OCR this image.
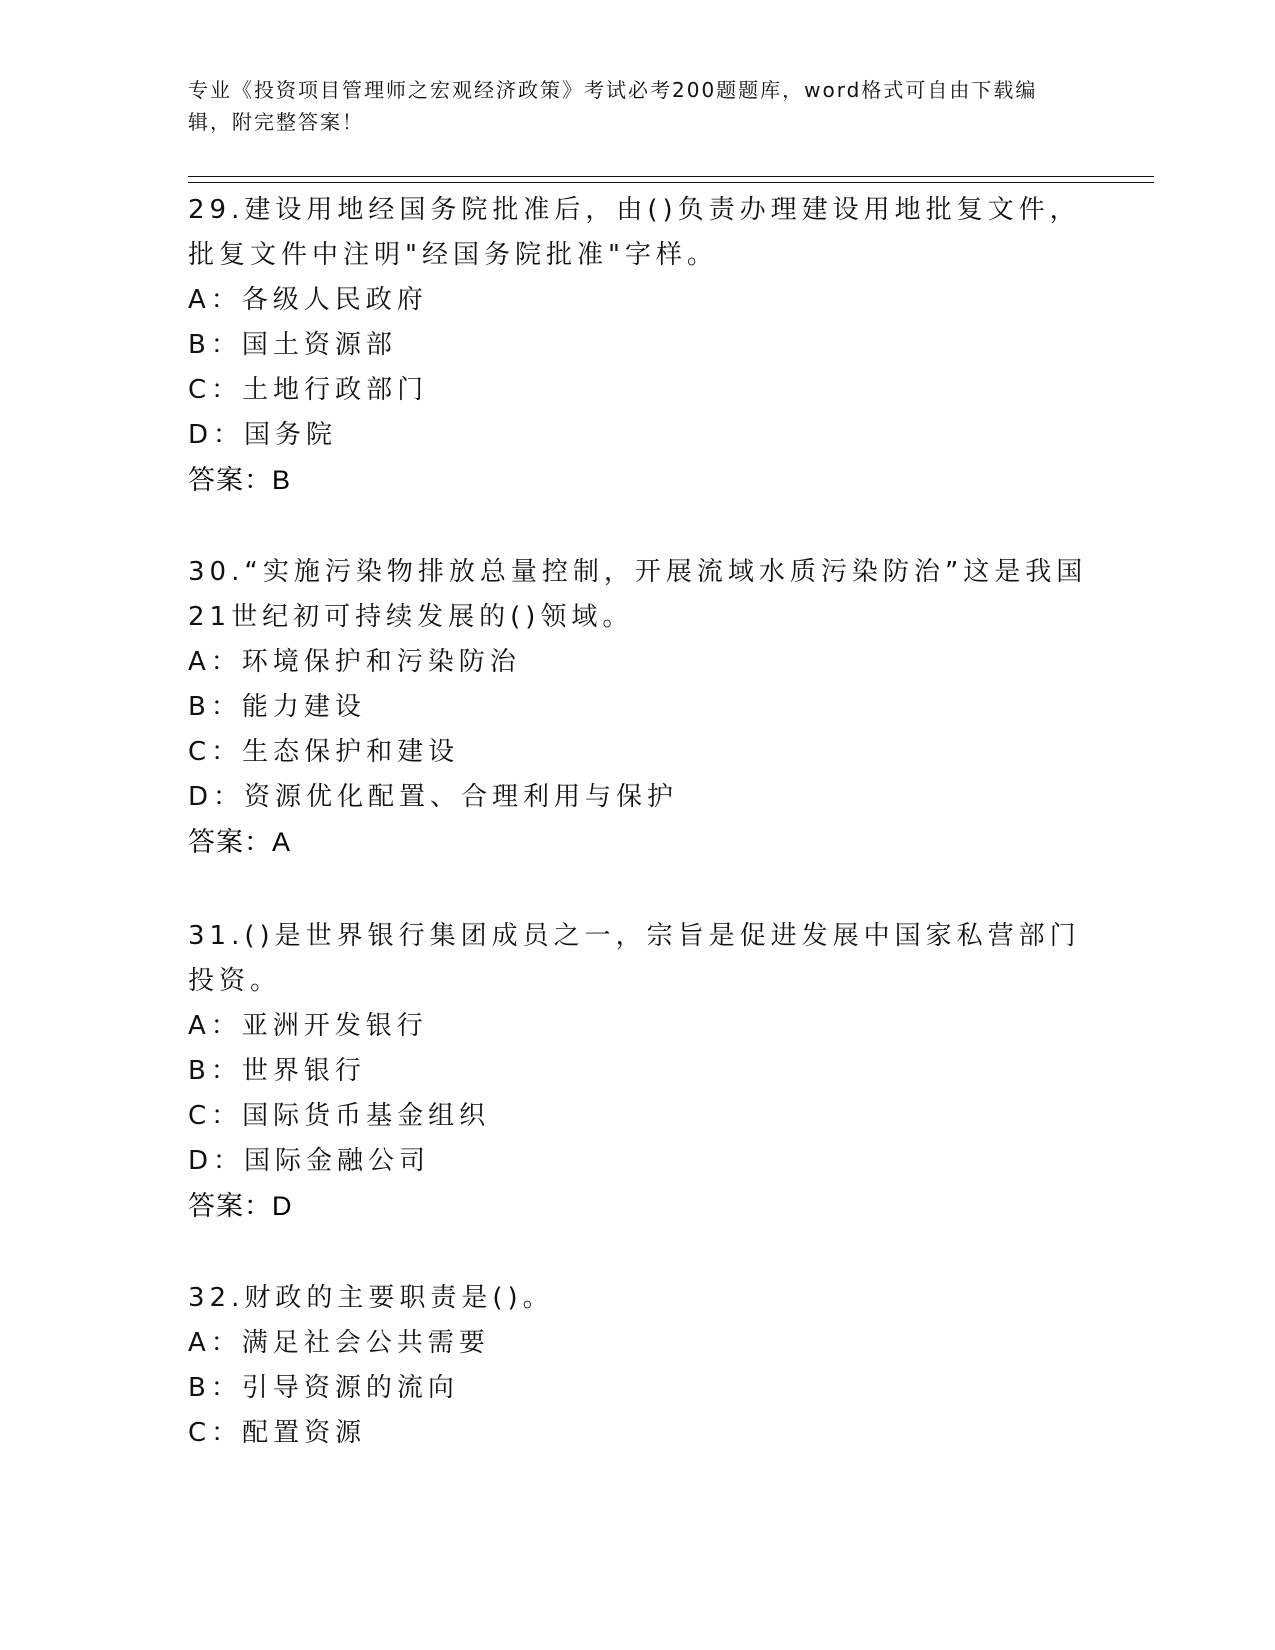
专业《投资项目管理师之宏观经济政策》考试必考200题题库，word格式可自由下载编辑，附完整答案！

29.建设用地经国务院批准后，由()负责办理建设用地批复文件，批复文件中注明"经国务院批准"字样。

A：各级人民政府
B：国土资源部
C：土地行政部门
D：国务院
答案：B

30.“实施污染物排放总量控制，开展流域水质污染防治”这是我国21世纪初可持续发展的()领域。

A：环境保护和污染防治
B：能力建设
C：生态保护和建设
D：资源优化配置、合理利用与保护
答案：A

31.()是世界银行集团成员之一，宗旨是促进发展中国家私营部门投资。

A：亚洲开发银行
B：世界银行
C：国际货币基金组织
D：国际金融公司
答案：D

32.财政的主要职责是()。

A：满足社会公共需要
B：引导资源的流向
C：配置资源
